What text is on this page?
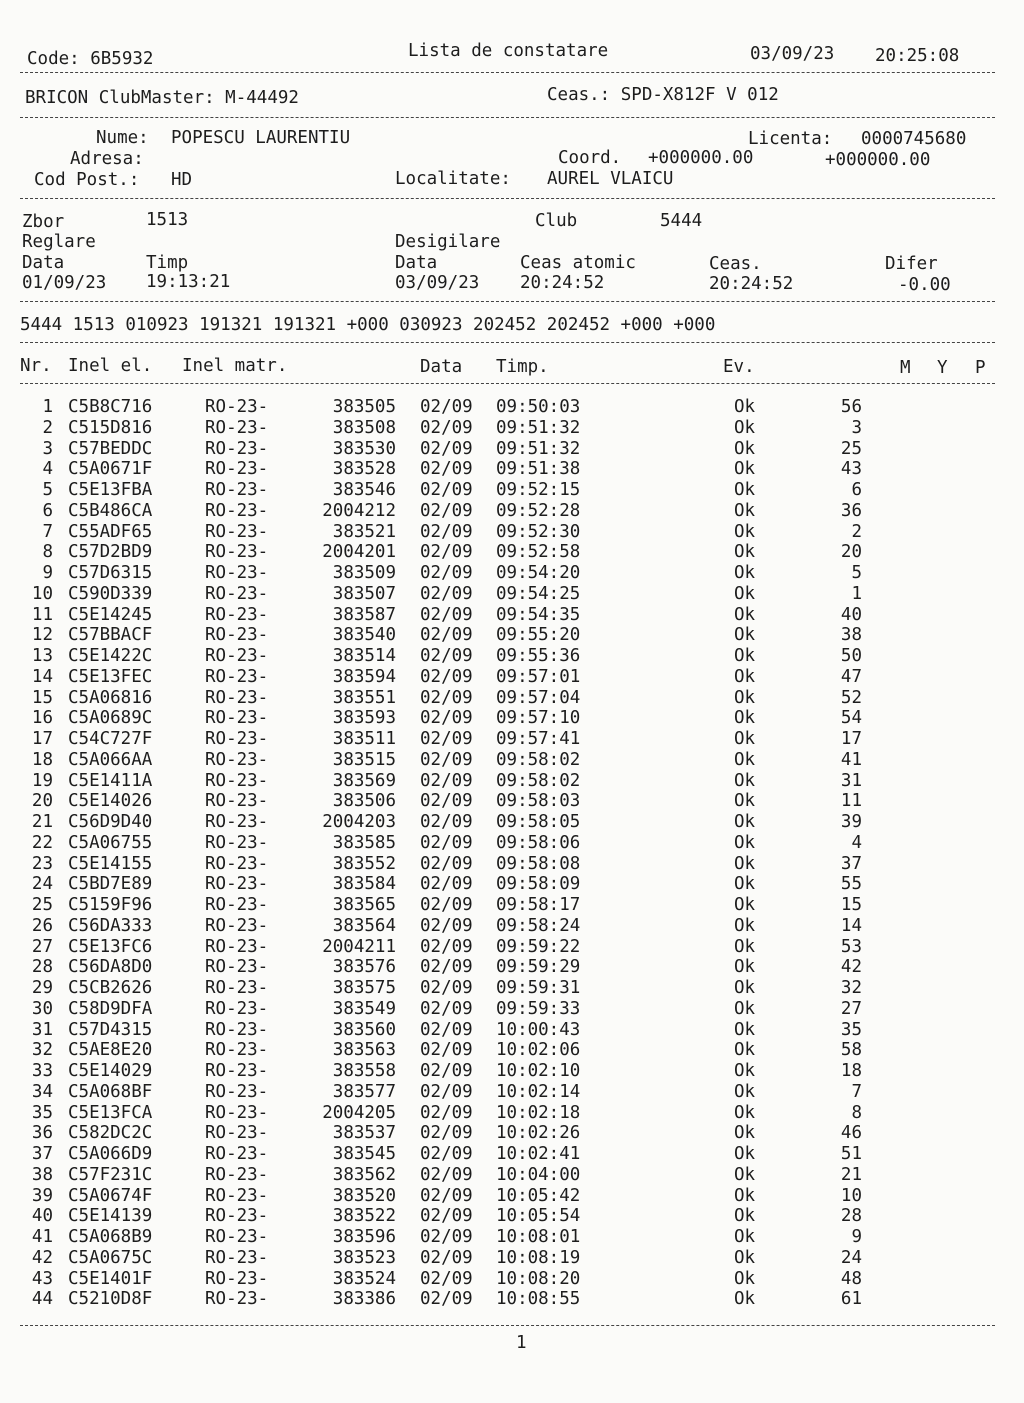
Code: 6B5932	Lista de constatare	03/09/23 20:25:08
BRICON ClubMaster: M-44492	Ceas.: SPD-X812F V 012
Nume: POPESCU LAURENTIU	Licenta: 0000745680
Adresa:	Coord. +000000.00	+000000.00
Cod Post.: HD	Localitate: AUREL VLAICU
Zbor	1513	Club	5444
Reglare	Desigilare
Data	Timp	Data	Ceas atomic	Ceas.	Difer
01/09/23 19:13:21	03/09/23 20:24:52	20:24:52	-0.00
5444 1513 010923 191321 191321 +000 030923 202452 202452 +000 +000
Nr. Inel el. Inel matr.	Data Timp.	Ev.	M Y P
1 C5B8C716	RO-23-	383505 02/09 09:50:03	Ok	56
2 C515D816	RO-23-	383508 02/09 09:51:32	Ok	3
3 C57BEDDC	RO-23-	383530 02/09 09:51:32	Ok	25
4 C5A0671F	RO-23-	383528 02/09 09:51:38	Ok	43
5 C5E13FBA	RO-23-	383546 02/09 09:52:15	Ok	6
6 C5B486CA	RO-23-	2004212 02/09 09:52:28	Ok	36
7 C55ADF65	RO-23-	383521 02/09 09:52:30	Ok	2
8 C57D2BD9	RO-23-	2004201 02/09 09:52:58	Ok	20
9 C57D6315	RO-23-	383509 02/09 09:54:20	Ok	5
10 C590D339	RO-23-	383507 02/09 09:54:25	Ok	1
11 C5E14245	RO-23-	383587 02/09 09:54:35	Ok	40
12 C57BBACF	RO-23-	383540 02/09 09:55:20	Ok	38
13 C5E1422C	RO-23-	383514 02/09 09:55:36	Ok	50
14 C5E13FEC	RO-23-	383594 02/09 09:57:01	Ok	47
15 C5A06816	RO-23-	383551 02/09 09:57:04	Ok	52
16 C5A0689C	RO-23-	383593 02/09 09:57:10	Ok	54
17 C54C727F	RO-23-	383511 02/09 09:57:41	Ok	17
18 C5A066AA	RO-23-	383515 02/09 09:58:02	Ok	41
19 C5E1411A	RO-23-	383569 02/09 09:58:02	Ok	31
20 C5E14026	RO-23-	383506 02/09 09:58:03	Ok	11
21 C56D9D40	RO-23-	2004203 02/09 09:58:05	Ok	39
22 C5A06755	RO-23-	383585 02/09 09:58:06	Ok	4
23 C5E14155	RO-23-	383552 02/09 09:58:08	Ok	37
24 C5BD7E89	RO-23-	383584 02/09 09:58:09	Ok	55
25 C5159F96	RO-23-	383565 02/09 09:58:17	Ok	15
26 C56DA333	RO-23-	383564 02/09 09:58:24	Ok	14
27 C5E13FC6	RO-23-	2004211 02/09 09:59:22	Ok	53
28 C56DA8D0	RO-23-	383576 02/09 09:59:29	Ok	42
29 C5CB2626	RO-23-	383575 02/09 09:59:31	Ok	32
30 C58D9DFA	RO-23-	383549 02/09 09:59:33	Ok	27
31 C57D4315	RO-23-	383560 02/09 10:00:43	Ok	35
32 C5AE8E20	RO-23-	383563 02/09 10:02:06	Ok	58
33 C5E14029	RO-23-	383558 02/09 10:02:10	Ok	18
34 C5A068BF	RO-23-	383577 02/09 10:02:14	Ok	7
35 C5E13FCA	RO-23-	2004205 02/09 10:02:18	Ok	8
36 C582DC2C	RO-23-	383537 02/09 10:02:26	Ok	46
37 C5A066D9	RO-23-	383545 02/09 10:02:41	Ok	51
38 C57F231C	RO-23-	383562 02/09 10:04:00	Ok	21
39 C5A0674F	RO-23-	383520 02/09 10:05:42	Ok	10
40 C5E14139	RO-23-	383522 02/09 10:05:54	Ok	28
41 C5A068B9	RO-23-	383596 02/09 10:08:01	Ok	9
42 C5A0675C	RO-23-	383523 02/09 10:08:19	Ok	24
43 C5E1401F	RO-23-	383524 02/09 10:08:20	Ok	48
44 C5210D8F	RO-23-	383386 02/09 10:08:55	Ok	61
1
